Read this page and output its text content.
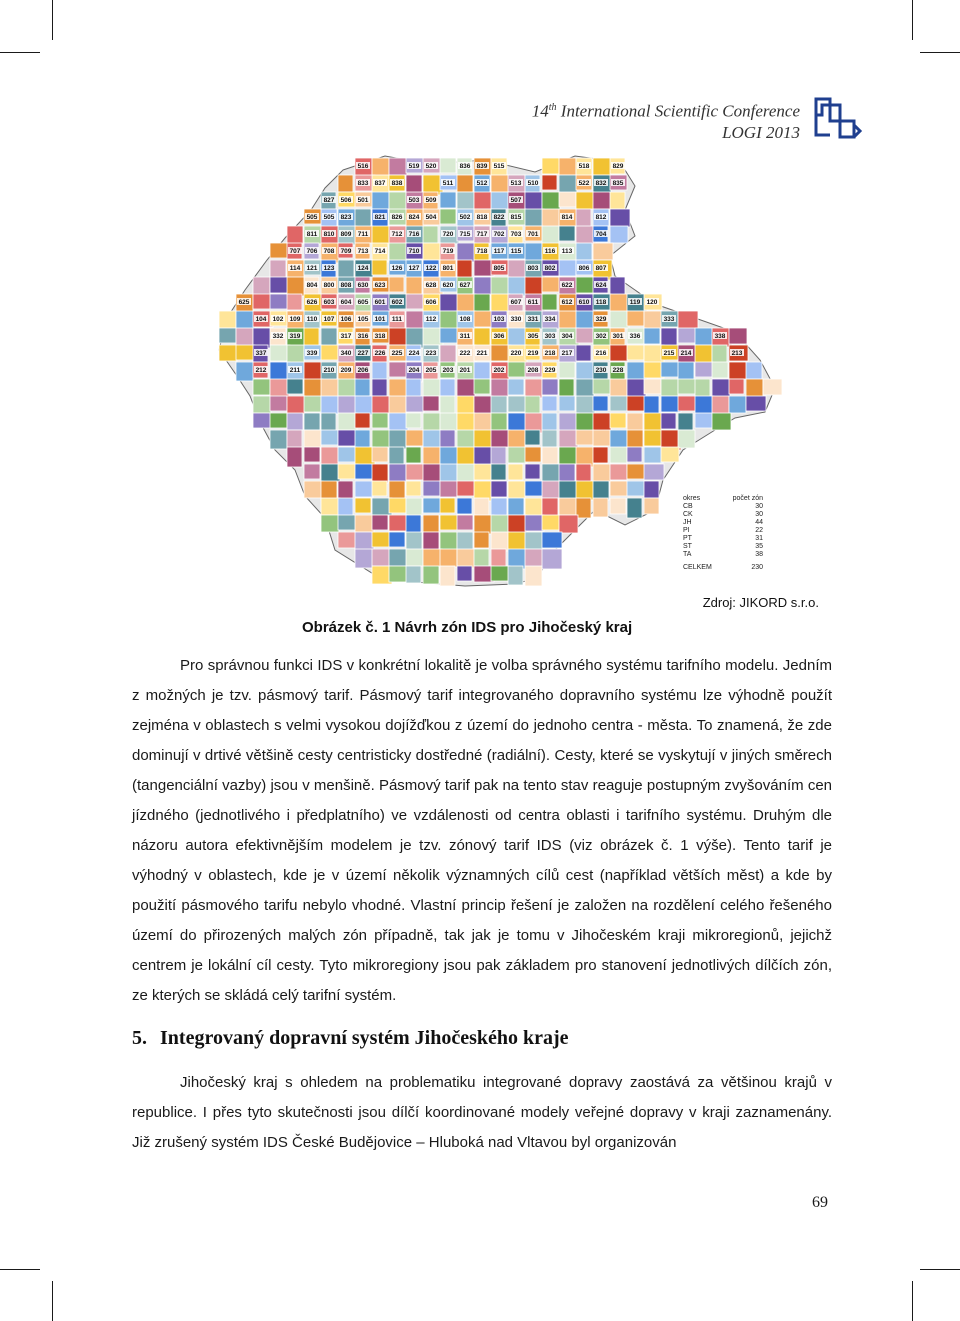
14th International Scientific Conference
LOGI 2013
516	519 520	836 839 515	518	829
833 837 838	511	512	513 510	522 832 835
827 506 501	503 509	507
505 505 823	821 826 824 504	502 818 822 815	814	812
811 810 809 711	712 716	720 715 717 702 703 701	704
707 706 708 709 713 714	710	719	718 117 115	116 113
114 121 123	124	126 127 122 801	805	803 802	806 807
804 800 808 630 623	628 620 627	622	624
625	626 603 604 605 601 602	606	607 611	612 610 118	119 120
104 102 109 110 107 106 105 101 111	112	108	103 330 331 334	329	333
332 319	317 316 318	311	306	305 303 304	302 301 336	338
337	339	340 227 226 225 224 223	222 221	220 219 218 217	216	215 214	213
212	211	210 209 206	204 205 203 201	202	208 229	230 228
okres	počet zón
CB	30
CK	30
JH	44
PI	22
PT	31
ST	35
TA	38
CELKEM	230
Zdroj: JIKORD s.r.o.
Obrázek č. 1 Návrh zón IDS pro Jihočeský kraj

Pro správnou funkci IDS v konkrétní lokalitě je volba správného systému tarifního modelu. Jedním z možných je tzv. pásmový tarif. Pásmový tarif integrovaného dopravního systému lze výhodně použít zejména v oblastech s velmi vysokou dojížďkou z území do jednoho centra - města. To znamená, že zde dominují v drtivé většině cesty centristicky dostředné (radiální). Cesty, které se vyskytují v jiných směrech (tangenciální vazby) jsou v menšině. Pásmový tarif pak na tento stav reaguje postupným zvyšováním cen jízdného (jednotlivého i předplatního) ve vzdálenosti od centra oblasti i tarifního systému. Druhým dle názoru autora efektivnějším modelem je tzv. zónový tarif IDS (viz obrázek č. 1 výše). Tento tarif je výhodný v oblastech, kde je v území několik významných cílů cest (například větších měst) a kde by použití pásmového tarifu nebylo vhodné. Vlastní princip řešení je založen na rozdělení celého řešeného území do přirozených malých zón případně, tak jak je tomu v Jihočeském kraji mikroregionů, jejichž centrem je lokální cíl cesty. Tyto mikroregiony jsou pak základem pro stanovení jednotlivých dílčích zón, ze kterých se skládá celý tarifní systém.

5. Integrovaný dopravní systém Jihočeského kraje

Jihočeský kraj s ohledem na problematiku integrované dopravy zaostává za většinou krajů v republice. I přes tyto skutečnosti jsou dílčí koordinované modely veřejné dopravy v kraji zaznamenány. Již zrušený systém IDS České Budějovice – Hluboká nad Vltavou byl organizován

69
